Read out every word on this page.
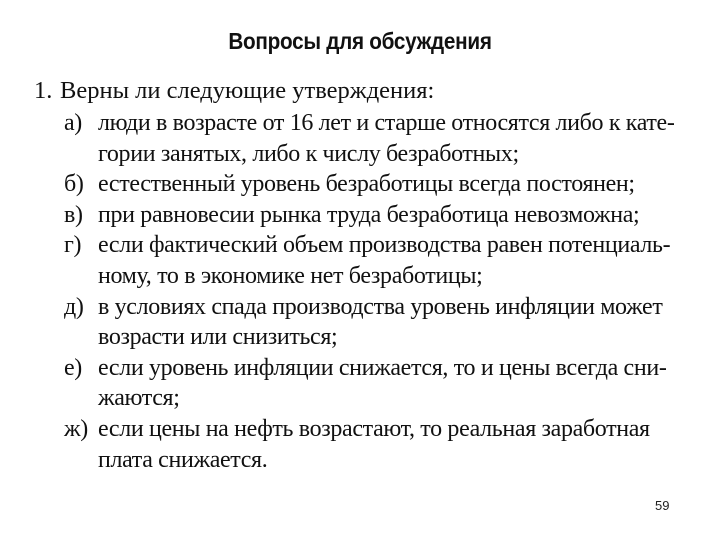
Вопросы для обсуждения

1. Верны ли следующие утверждения:

а) люди в возрасте от 16 лет и старше относятся либо к кате-
гории занятых, либо к числу безработных;
б) естественный уровень безработицы всегда постоянен;
в) при равновесии рынка труда безработица невозможна;
г) если фактический объем производства равен потенциаль-
ному, то в экономике нет безработицы;
д) в условиях спада производства уровень инфляции может
возрасти или снизиться;
е) если уровень инфляции снижается, то и цены всегда сни-
жаются;
ж) если цены на нефть возрастают, то реальная заработная
плата снижается.
59
